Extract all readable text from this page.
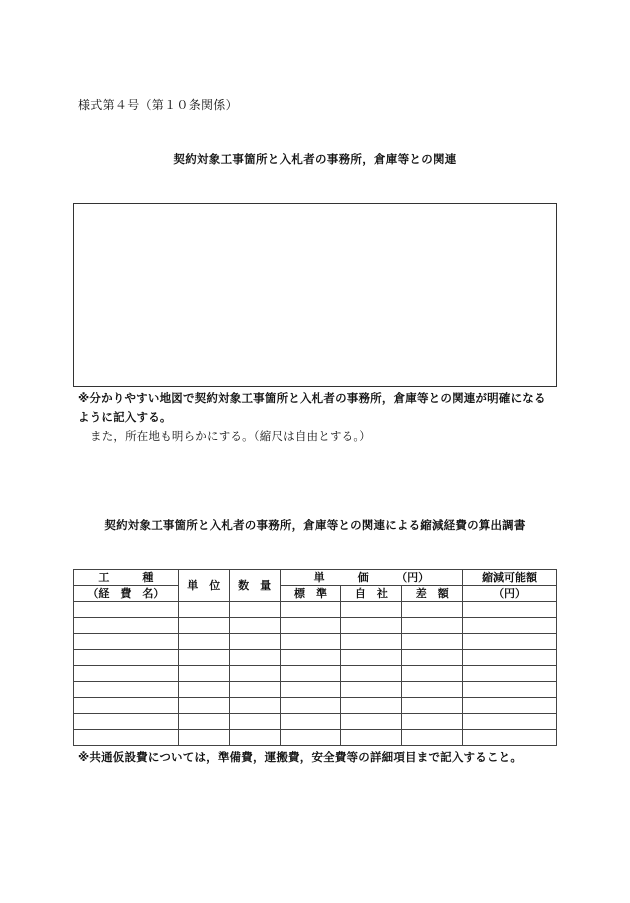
様式第４号（第１０条関係）
契約対象工事箇所と入札者の事務所，倉庫等との関連
※分かりやすい地図で契約対象工事箇所と入札者の事務所，倉庫等との関連が明確になる
ように記入する。
また，所在地も明らかにする。（縮尺は自由とする。）
契約対象工事箇所と入札者の事務所，倉庫等との関連による縮減経費の算出調書
工　　　種	単　位	数　量	単　　　価　　　（円）			縮減可能額
（経　費　名）			標　準	自　社	差　額	（円）

※共通仮設費については，準備費，運搬費，安全費等の詳細項目まで記入すること。
